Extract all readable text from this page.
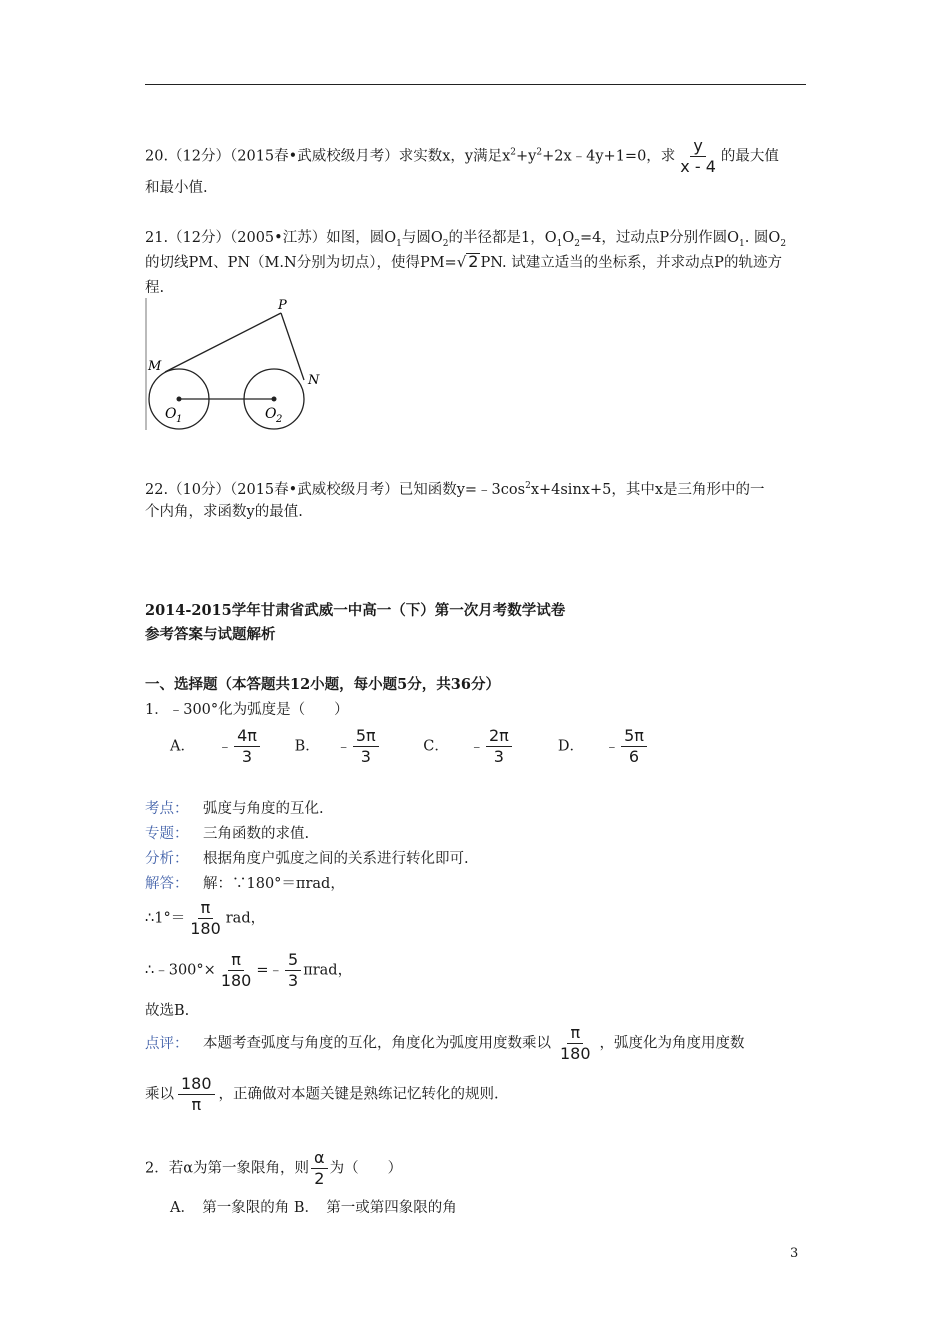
20.（12分）（2015春•武威校级月考）求实数x，y满足$x^2+y^2+2x﹣4y+1=0$，求 $\frac{y}{x - 4}$ 的最大值
和最小值.
21.（12分）（2005•江苏）如图，圆$O_1$与圆$O_2$的半径都是1，$O_1O_2=4$，过动点P分别作圆$O_1$. 圆$O_2$
的切线PM、PN（M.N分别为切点），使得PM=√ 2 PN. 试建立适当的坐标系，并求动点P的轨迹方
程.
P
M
N
O 1	O 2
22.（10分）（2015春•武威校级月考）已知函数$y=﹣3\cos^2x+4\sin x+5$，其中x是三角形中的一
个内角，求函数y的最值.
2014-2015学年甘肃省武威一中高一（下）第一次月考数学试卷
参考答案与试题解析
一、选择题（本答题共12小题，每小题5分，共36分）
1．﹣300°化为弧度是（　　）
A． ﹣ $\frac{4\pi}{3}$ B． ﹣ $\frac{5\pi}{3}$	C． ﹣ $\frac{2\pi}{3}$	D． ﹣ $\frac{5\pi}{6}$
考点： 弧度与角度的互化.
专题： 三角函数的求值.
分析： 根据角度户弧度之间的关系进行转化即可.
解答： 解：∵180°＝πrad，
∴1°＝ $\frac{\pi}{180}$ rad，
∴﹣300°× $\frac{\pi}{180}$ =﹣ $\frac{5}{3}$ πrad，
故选B.
点评： 本题考查弧度与角度的互化，角度化为弧度用度数乘以 $\frac{\pi}{180}$ ，弧度化为角度用度数
乘以 $\frac{180}{\pi}$ ，正确做对本题关键是熟练记忆转化的规则.
2．若α为第一象限角，则 $\frac{\alpha}{2}$ 为（　　）
A．　第一象限的角 B．　第一或第四象限的角
3
